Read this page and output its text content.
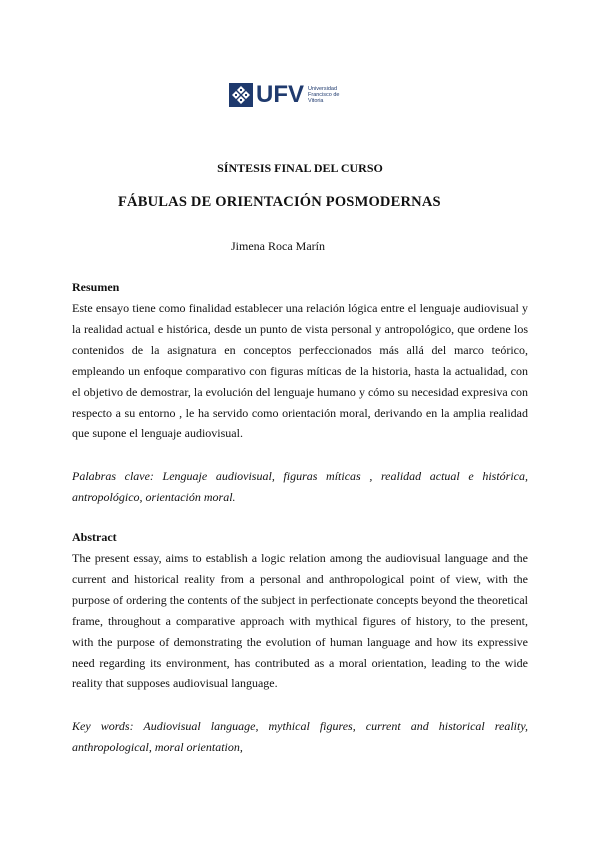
UFV Universidad
Francisco de
Vitoria
SÍNTESIS FINAL DEL CURSO
FÁBULAS DE ORIENTACIÓN POSMODERNAS
Jimena Roca Marín
Resumen
Este ensayo tiene como finalidad establecer una relación lógica entre el lenguaje audiovisual y la realidad actual e histórica, desde un punto de vista personal y antropológico, que ordene los contenidos de la asignatura en conceptos perfeccionados más allá del marco teórico, empleando un enfoque comparativo con figuras míticas de la historia, hasta la actualidad, con el objetivo de demostrar, la evolución del lenguaje humano y cómo su necesidad expresiva con respecto a su entorno , le ha servido como orientación moral, derivando en la amplia realidad que supone el lenguaje audiovisual.
Palabras clave: Lenguaje audiovisual, figuras míticas , realidad actual e histórica, antropológico, orientación moral.
Abstract
The present essay, aims to establish a logic relation among the audiovisual language and the current and historical reality from a personal and anthropological point of view, with the purpose of ordering the contents of the subject in perfectionate concepts beyond the theoretical frame, throughout a comparative approach with mythical figures of history, to the present, with the purpose of demonstrating the evolution of human language and how its expressive need regarding its environment, has contributed as a moral orientation, leading to the wide reality that supposes audiovisual language.
Key words: Audiovisual language, mythical figures, current and historical reality, anthropological, moral orientation,
